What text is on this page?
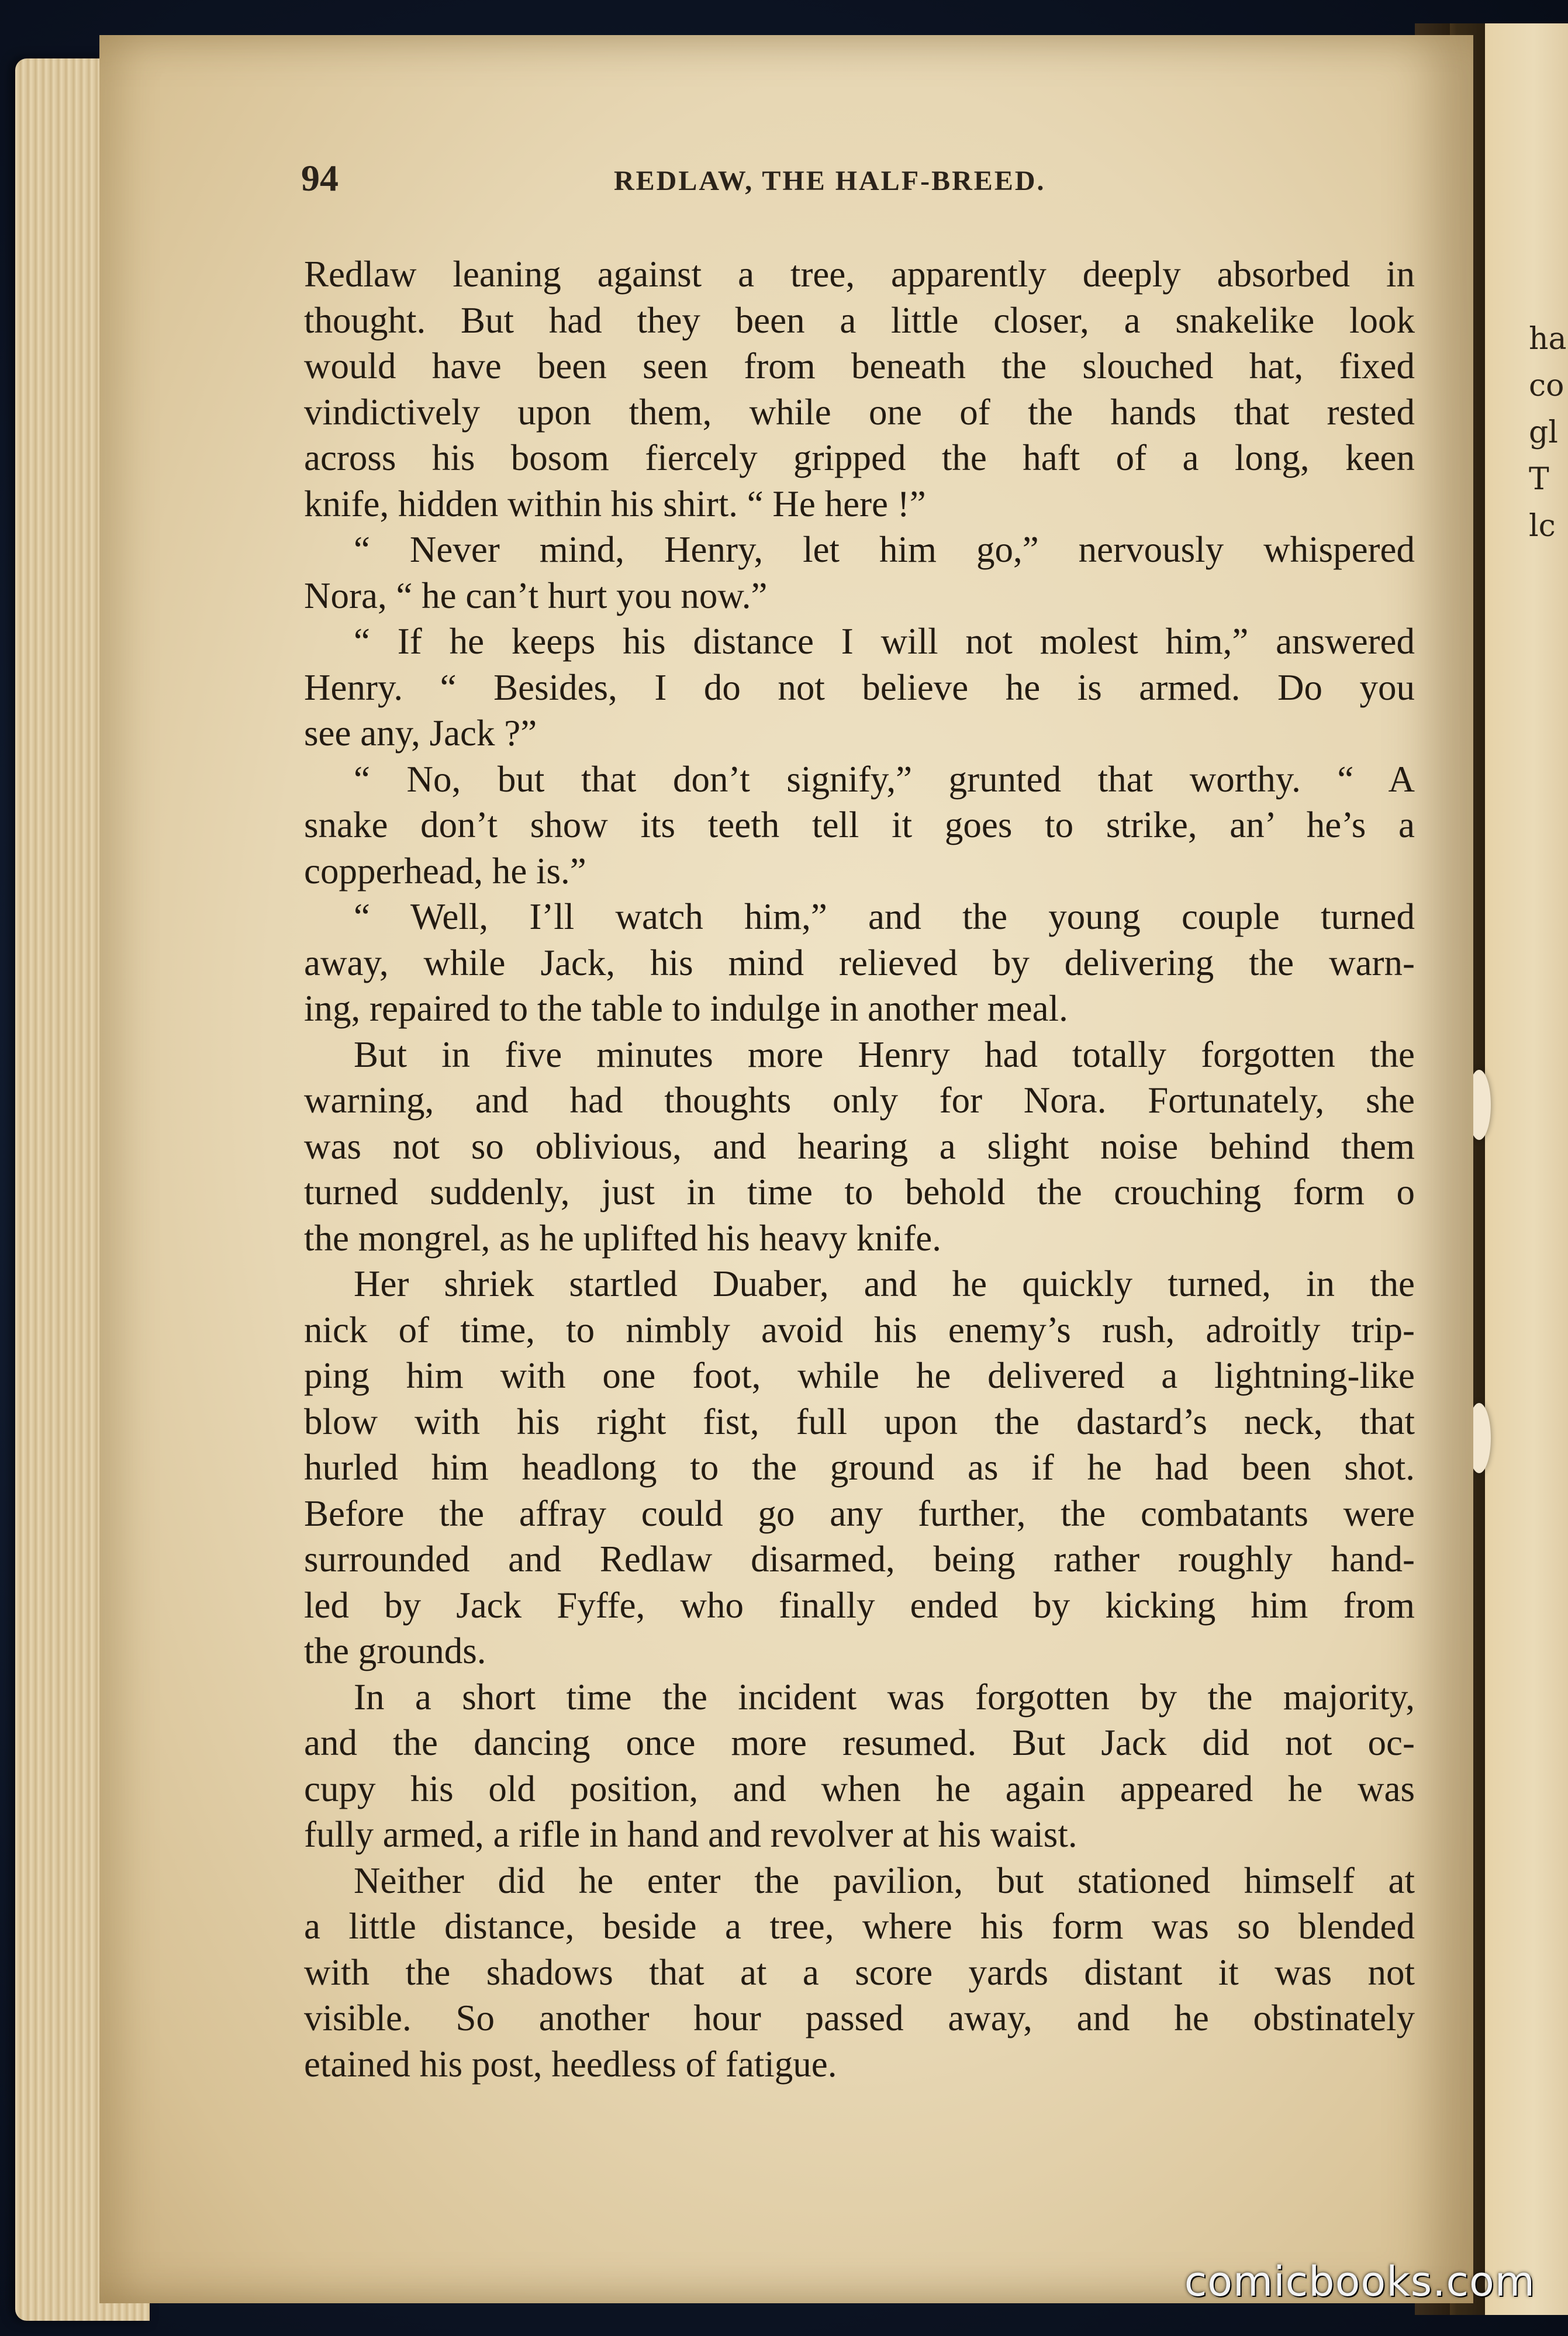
ha
co
gl
T
lc
94	REDLAW, THE HALF-BREED.
Redlaw leaning against a tree, apparently deeply absorbed in
thought. But had they been a little closer, a snakelike look
would have been seen from beneath the slouched hat, fixed
vindictively upon them, while one of the hands that rested
across his bosom fiercely gripped the haft of a long, keen
knife, hidden within his shirt. “ He here !”
“ Never mind, Henry, let him go,” nervously whispered
Nora, “ he can’t hurt you now.”
“ If he keeps his distance I will not molest him,” answered
Henry. “ Besides, I do not believe he is armed. Do you
see any, Jack ?”
“ No, but that don’t signify,” grunted that worthy. “ A
snake don’t show its teeth tell it goes to strike, an’ he’s a
copperhead, he is.”
“ Well, I’ll watch him,” and the young couple turned
away, while Jack, his mind relieved by delivering the warn-
ing, repaired to the table to indulge in another meal.
But in five minutes more Henry had totally forgotten the
warning, and had thoughts only for Nora. Fortunately, she
was not so oblivious, and hearing a slight noise behind them
turned suddenly, just in time to behold the crouching form o
the mongrel, as he uplifted his heavy knife.
Her shriek startled Duaber, and he quickly turned, in the
nick of time, to nimbly avoid his enemy’s rush, adroitly trip-
ping him with one foot, while he delivered a lightning-like
blow with his right fist, full upon the dastard’s neck, that
hurled him headlong to the ground as if he had been shot.
Before the affray could go any further, the combatants were
surrounded and Redlaw disarmed, being rather roughly hand-
led by Jack Fyffe, who finally ended by kicking him from
the grounds.
In a short time the incident was forgotten by the majority,
and the dancing once more resumed. But Jack did not oc-
cupy his old position, and when he again appeared he was
fully armed, a rifle in hand and revolver at his waist.
Neither did he enter the pavilion, but stationed himself at
a little distance, beside a tree, where his form was so blended
with the shadows that at a score yards distant it was not
visible. So another hour passed away, and he obstinately
etained his post, heedless of fatigue.
comicbooks.com
